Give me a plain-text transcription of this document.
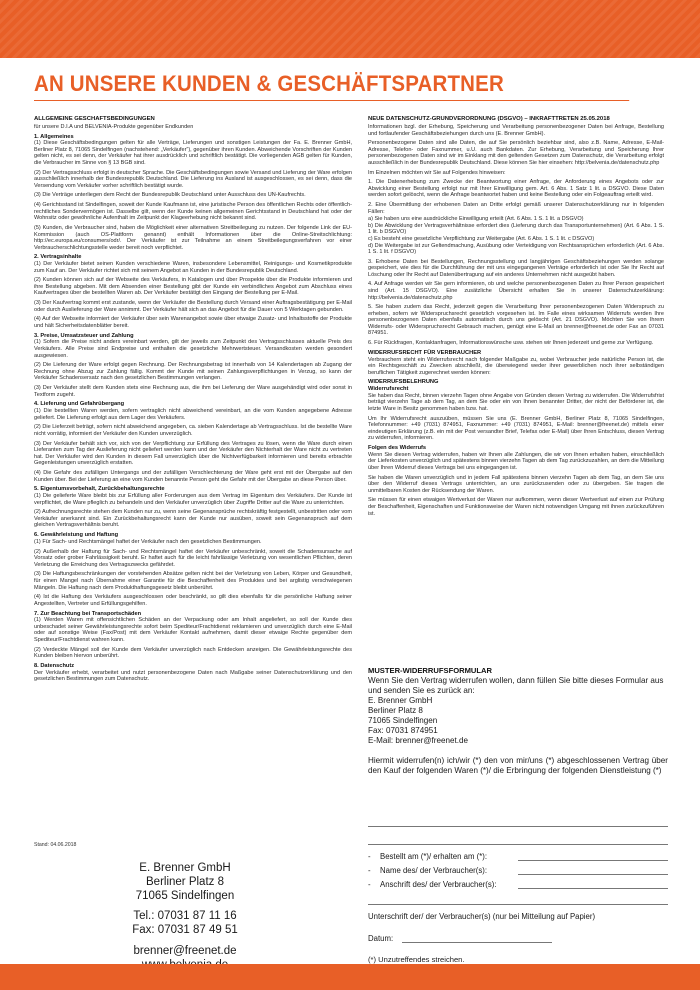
AN UNSERE KUNDEN & GESCHÄFTSPARTNER
ALLGEMEINE GESCHÄFTSBEDINGUNGEN

für unsere D.I.A und BELVENIA-Produkte gegenüber Endkunden

1. Allgemeines

(1) Diese Geschäftsbedingungen gelten für alle Verträge, Lieferungen und sonstigen Leistungen der Fa. E. Brenner GmbH, Berliner Platz 8, 71065 Sindelfingen (nachstehend: „Verkäufer“), gegenüber ihren Kunden. Abweichende Vorschriften der Kunden gelten nicht, es sei denn, der Verkäufer hat ihrer ausdrücklich und schriftlich bestätigt. Die vorliegenden AGB gelten für Kunden, die Verbraucher im Sinne von § 13 BGB sind.

(2) Der Vertragsschluss erfolgt in deutscher Sprache. Die Geschäftsbedingungen sowie Versand und Lieferung der Ware erfolgen ausschließlich innerhalb der Bundesrepublik Deutschland. Die Lieferung ins Ausland ist ausgeschlossen, es sei denn, dass die Versendung vom Verkäufer vorher schriftlich bestätigt wurde.

(3) Die Verträge unterliegen dem Recht der Bundesrepublik Deutschland unter Ausschluss des UN-Kaufrechts.

(4) Gerichtsstand ist Sindelfingen, soweit der Kunde Kaufmann ist, eine juristische Person des öffentlichen Rechts oder öffentlich-rechtliches Sondervermögen ist. Dasselbe gilt, wenn der Kunde keinen allgemeinen Gerichtsstand in Deutschland hat oder der Wohnsitz oder gewöhnliche Aufenthalt im Zeitpunkt der Klageerhebung nicht bekannt sind.

(5) Kunden, die Verbraucher sind, haben die Möglichkeit einer alternativen Streitbeilegung zu nutzen. Der folgende Link der EU-Kommission (auch OS-Plattform genannt) enthält Informationen über die Online-Streitschlichtung: http://ec.europa.eu/consumers/odr/. Der Verkäufer ist zur Teilnahme an einem Streitbeilegungsverfahren vor einer Verbraucherschlichtungsstelle weder bereit noch verpflichtet.

2. Vertragsinhalte

(1) Der Verkäufer bietet seinen Kunden verschiedene Waren, insbesondere Lebensmittel, Reinigungs- und Kosmetikprodukte zum Kauf an. Der Verkäufer richtet sich mit seinem Angebot an Kunden in der Bundesrepublik Deutschland.

(2) Kunden können sich auf der Webseite des Verkäufers, in Katalogen und über Prospekte über die Produkte informieren und ihre Bestellung abgeben. Mit dem Absenden einer Bestellung gibt der Kunde ein verbindliches Angebot zum Abschluss eines Kaufvertrages über die bestellten Waren ab. Der Verkäufer bestätigt den Eingang der Bestellung per E-Mail.

(3) Der Kaufvertrag kommt erst zustande, wenn der Verkäufer die Bestellung durch Versand einer Auftragsbestätigung per E-Mail oder durch Auslieferung der Ware annimmt. Der Verkäufer hält sich an das Angebot für die Dauer von 5 Werktagen gebunden.

(4) Auf der Webseite informiert der Verkäufer über sein Warenangebot sowie über etwaige Zusatz- und Inhaltsstoffe der Produkte und hält Sicherheitsdatenblätter bereit.

3. Preise, Umsatzsteuer und Zahlung

(1) Sofern die Preise nicht anders vereinbart werden, gilt der jeweils zum Zeitpunkt des Vertragsschlusses aktuelle Preis des Verkäufers. Alle Preise sind Endpreise und enthalten die gesetzliche Mehrwertsteuer. Versandkosten werden gesondert ausgewiesen.

(2) Die Lieferung der Ware erfolgt gegen Rechnung. Der Rechnungsbetrag ist innerhalb von 14 Kalendertagen ab Zugang der Rechnung ohne Abzug zur Zahlung fällig. Kommt der Kunde mit seinen Zahlungsverpflichtungen in Verzug, so kann der Verkäufer Schadensersatz nach den gesetzlichen Bestimmungen verlangen.

(3) Der Verkäufer stellt dem Kunden stets eine Rechnung aus, die ihm bei Lieferung der Ware ausgehändigt wird oder sonst in Textform zugeht.

4. Lieferung und Gefahrübergang

(1) Die bestellten Waren werden, sofern vertraglich nicht abweichend vereinbart, an die vom Kunden angegebene Adresse geliefert. Die Lieferung erfolgt aus dem Lager des Verkäufers.

(2) Die Lieferzeit beträgt, sofern nicht abweichend angegeben, ca. sieben Kalendertage ab Vertragsschluss. Ist die bestellte Ware nicht vorrätig, informiert der Verkäufer den Kunden unverzüglich.

(3) Der Verkäufer behält sich vor, sich von der Verpflichtung zur Erfüllung des Vertrages zu lösen, wenn die Ware durch einen Lieferanten zum Tag der Auslieferung nicht geliefert werden kann und der Verkäufer den Nichterhalt der Ware nicht zu vertreten hat. Der Verkäufer wird den Kunden in diesem Fall unverzüglich über die Nichtverfügbarkeit informieren und bereits erbrachte Gegenleistungen unverzüglich erstatten.

(4) Die Gefahr des zufälligen Untergangs und der zufälligen Verschlechterung der Ware geht erst mit der Übergabe auf den Kunden über. Bei der Lieferung an eine vom Kunden benannte Person geht die Gefahr mit der Übergabe an diese Person über.

5. Eigentumsvorbehalt, Zurückbehaltungsrechte

(1) Die gelieferte Ware bleibt bis zur Erfüllung aller Forderungen aus dem Vertrag im Eigentum des Verkäufers. Der Kunde ist verpflichtet, die Ware pfleglich zu behandeln und den Verkäufer unverzüglich über Zugriffe Dritter auf die Ware zu unterrichten.

(2) Aufrechnungsrechte stehen dem Kunden nur zu, wenn seine Gegenansprüche rechtskräftig festgestellt, unbestritten oder vom Verkäufer anerkannt sind. Ein Zurückbehaltungsrecht kann der Kunde nur ausüben, soweit sein Gegenanspruch auf dem gleichen Vertragsverhältnis beruht.

6. Gewährleistung und Haftung

(1) Für Sach- und Rechtsmängel haftet der Verkäufer nach den gesetzlichen Bestimmungen.

(2) Außerhalb der Haftung für Sach- und Rechtsmängel haftet der Verkäufer unbeschränkt, soweit die Schadensursache auf Vorsatz oder grober Fahrlässigkeit beruht. Er haftet auch für die leicht fahrlässige Verletzung von wesentlichen Pflichten, deren Verletzung die Erreichung des Vertragszwecks gefährdet.

(3) Die Haftungsbeschränkungen der vorstehenden Absätze gelten nicht bei der Verletzung von Leben, Körper und Gesundheit, für einen Mangel nach Übernahme einer Garantie für die Beschaffenheit des Produktes und bei arglistig verschwiegenen Mängeln. Die Haftung nach dem Produkthaftungsgesetz bleibt unberührt.

(4) Ist die Haftung des Verkäufers ausgeschlossen oder beschränkt, so gilt dies ebenfalls für die persönliche Haftung seiner Angestellten, Vertreter und Erfüllungsgehilfen.

7. Zur Beachtung bei Transportschäden

(1) Werden Waren mit offensichtlichen Schäden an der Verpackung oder am Inhalt angeliefert, so soll der Kunde dies unbeschadet seiner Gewährleistungsrechte sofort beim Spediteur/Frachtdienst reklamieren und unverzüglich durch eine E-Mail oder auf sonstige Weise (Fax/Post) mit dem Verkäufer Kontakt aufnehmen, damit dieser etwaige Rechte gegenüber dem Spediteur/Frachtdienst wahren kann.

(2) Verdeckte Mängel soll der Kunde dem Verkäufer unverzüglich nach Entdecken anzeigen. Die Gewährleistungsrechte des Kunden bleiben hiervon unberührt.

8. Datenschutz

Der Verkäufer erhebt, verarbeitet und nutzt personenbezogene Daten nach Maßgabe seiner Datenschutzerklärung und den gesetzlichen Bestimmungen zum Datenschutz.

Stand: 04.06.2018
NEUE DATENSCHUTZ-GRUNDVERORDNUNG (DSGVO) – INKRAFTTRETEN 25.05.2018

Informationen bzgl. der Erhebung, Speicherung und Verarbeitung personenbezogener Daten bei Anfrage, Bestellung und fortlaufender Geschäftsbeziehungen durch uns (E. Brenner GmbH).

Personenbezogene Daten sind alle Daten, die auf Sie persönlich beziehbar sind, also z.B. Name, Adresse, E-Mail-Adresse, Telefon- oder Faxnummer, u.U. auch Bankdaten. Zur Erhebung, Verarbeitung und Speicherung Ihrer personenbezogenen Daten sind wir im Einklang mit den geltenden Gesetzen zum Datenschutz, die Verarbeitung erfolgt ausschließlich in der Bundesrepublik Deutschland. Diese können Sie hier einsehen: http://belvenia.de/datenschutz.php

Im Einzelnen möchten wir Sie auf Folgendes hinweisen:

1. Die Datenerhebung zum Zwecke der Beantwortung einer Anfrage, der Anforderung eines Angebots oder zur Abwicklung einer Bestellung erfolgt nur mit Ihrer Einwilligung gem. Art. 6 Abs. 1 Satz 1 lit. a DSGVO. Diese Daten werden sofort gelöscht, wenn die Anfrage beantwortet haben und keine Bestellung oder ein Folgeauftrag erteilt wird.

2. Eine Übermittlung der erhobenen Daten an Dritte erfolgt gemäß unserer Datenschutzerklärung nur in folgenden Fällen:

a) Sie haben uns eine ausdrückliche Einwilligung erteilt (Art. 6 Abs. 1 S. 1 lit. a DSGVO)
b) Die Abwicklung der Vertragsverhältnisse erfordert dies (Lieferung durch das Transportunternehmen) (Art. 6 Abs. 1 S. 1 lit. b DSGVO)
c) Es besteht eine gesetzliche Verpflichtung zur Weitergabe (Art. 6 Abs. 1 S. 1 lit. c DSGVO)
d) Die Weitergabe ist zur Geltendmachung, Ausübung oder Verteidigung von Rechtsansprüchen erforderlich (Art. 6 Abs. 1 S. 1 lit. f DSGVO)

3. Erhobene Daten bei Bestellungen, Rechnungsstellung und langjährigen Geschäftsbeziehungen werden solange gespeichert, wie dies für die Durchführung der mit uns eingegangenen Verträge erforderlich ist oder Sie Ihr Recht auf Löschung oder Ihr Recht auf Datenübertragung auf ein anderes Unternehmen nicht ausgeübt haben.

4. Auf Anfrage werden wir Sie gern informieren, ob und welche personenbezogenen Daten zu Ihrer Person gespeichert sind (Art. 15 DSGVO). Eine zusätzliche Übersicht erhalten Sie in unserer Datenschutzerklärung: http://belvenia.de/datenschutz.php

5. Sie haben zudem das Recht, jederzeit gegen die Verarbeitung Ihrer personenbezogenen Daten Widerspruch zu erheben, sofern wir Widerspruchsrecht gesetzlich vorgesehen ist. Im Falle eines wirksamen Widerrufs werden Ihre personenbezogenen Daten ebenfalls automatisch durch uns gelöscht (Art. 21 DSGVO). Möchten Sie von Ihrem Widerrufs- oder Widerspruchsrecht Gebrauch machen, genügt eine E-Mail an brenner@freenet.de oder Fax an 07031 874951.

6. Für Rückfragen, Kontaktanfragen, Informationswünsche usw. stehen wir Ihnen jederzeit und gerne zur Verfügung.

WIDERRUFSRECHT FÜR VERBRAUCHER

Verbrauchern steht ein Widerrufsrecht nach folgender Maßgabe zu, wobei Verbraucher jede natürliche Person ist, die ein Rechtsgeschäft zu Zwecken abschließt, die überwiegend weder ihrer gewerblichen noch ihrer selbständigen beruflichen Tätigkeit zugerechnet werden können:

WIDERRUFSBELEHRUNG
Widerrufsrecht

Sie haben das Recht, binnen vierzehn Tagen ohne Angabe von Gründen diesen Vertrag zu widerrufen. Die Widerrufsfrist beträgt vierzehn Tage ab dem Tag, an dem Sie oder ein von Ihnen benannter Dritter, der nicht der Beförderer ist, die letzte Ware in Besitz genommen haben bzw. hat.

Um Ihr Widerrufsrecht auszuüben, müssen Sie uns (E. Brenner GmbH, Berliner Platz 8, 71065 Sindelfingen, Telefonnummer: +49 (7031) 874951, Faxnummer: +49 (7031) 874951, E-Mail: brenner@freenet.de) mittels einer eindeutigen Erklärung (z.B. ein mit der Post versandter Brief, Telefax oder E-Mail) über Ihren Entschluss, diesen Vertrag zu widerrufen, informieren.

Folgen des Widerrufs

Wenn Sie diesen Vertrag widerrufen, haben wir Ihnen alle Zahlungen, die wir von Ihnen erhalten haben, einschließlich der Lieferkosten unverzüglich und spätestens binnen vierzehn Tagen ab dem Tag zurückzuzahlen, an dem die Mitteilung über Ihren Widerruf dieses Vertrags bei uns eingegangen ist.

Sie haben die Waren unverzüglich und in jedem Fall spätestens binnen vierzehn Tagen ab dem Tag, an dem Sie uns über den Widerruf dieses Vertrags unterrichten, an uns zurückzusenden oder zu übergeben. Sie tragen die unmittelbaren Kosten der Rücksendung der Waren.

Sie müssen für einen etwaigen Wertverlust der Waren nur aufkommen, wenn dieser Wertverlust auf einen zur Prüfung der Beschaffenheit, Eigenschaften und Funktionsweise der Waren nicht notwendigen Umgang mit ihnen zurückzuführen ist.

MUSTER-WIDERRUFSFORMULAR
Wenn Sie den Vertrag widerrufen wollen, dann füllen Sie bitte dieses Formular aus und senden Sie es zurück an:
E. Brenner GmbH
Berliner Platz 8
71065 Sindelfingen
Fax: 07031 874951
E-Mail: brenner@freenet.de
Hiermit widerrufen(n) ich/wir (*) den von mir/uns (*) abgeschlossenen Vertrag über den Kauf der folgenden Waren (*)/ die Erbringung der folgenden Dienstleistung (*)
- Bestellt am (*)/ erhalten am (*):
- Name des/ der Verbraucher(s):
- Anschrift des/ der Verbraucher(s):
Unterschrift der/ der Verbraucher(s) (nur bei Mitteilung auf Papier)
Datum:
(*) Unzutreffendes streichen.
E. Brenner GmbH
Berliner Platz 8
71065 Sindelfingen
Tel.: 07031 87 11 16
Fax: 07031 87 49 51
brenner@freenet.de
